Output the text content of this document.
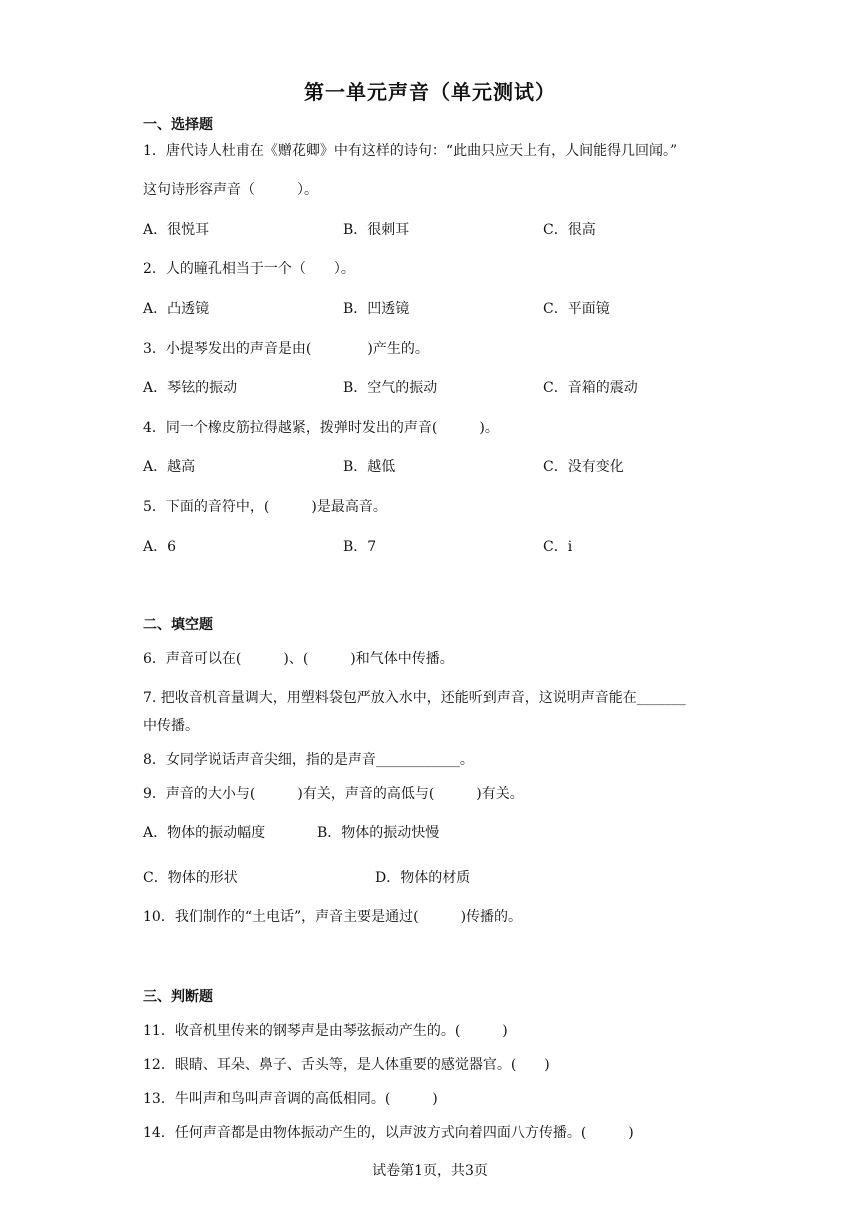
第一单元声音（单元测试）
一、选择题
1．唐代诗人杜甫在《赠花卿》中有这样的诗句：“此曲只应天上有，人间能得几回闻。”
这句诗形容声音（　　　）。
A．很悦耳	B．很刺耳	C．很高
2．人的瞳孔相当于一个（　　）。
A．凸透镜	B．凹透镜	C．平面镜
3．小提琴发出的声音是由(　　　　)产生的。
A．琴铉的振动	B．空气的振动	C．音箱的震动
4．同一个橡皮筋拉得越紧，拨弹时发出的声音(　　　)。
A．越高	B．越低	C．没有变化
5．下面的音符中，(　　　)是最高音。
A．6	B．7	C．i
二、填空题
6．声音可以在(　　　)、(　　　)和气体中传播。
7. 把收音机音量调大，用塑料袋包严放入水中，还能听到声音，这说明声音能在_______
中传播。
8．女同学说话声音尖细，指的是声音____________。
9．声音的大小与(　　　)有关，声音的高低与(　　　)有关。
A．物体的振动幅度	B．物体的振动快慢
C．物体的形状	D．物体的材质
10．我们制作的“土电话”，声音主要是通过(　　　)传播的。
三、判断题
11．收音机里传来的钢琴声是由琴弦振动产生的。(　　　)
12．眼睛、耳朵、鼻子、舌头等，是人体重要的感觉器官。(　　)
13．牛叫声和鸟叫声音调的高低相同。(　　　)
14．任何声音都是由物体振动产生的，以声波方式向着四面八方传播。(　　　)
试卷第1页，共3页
